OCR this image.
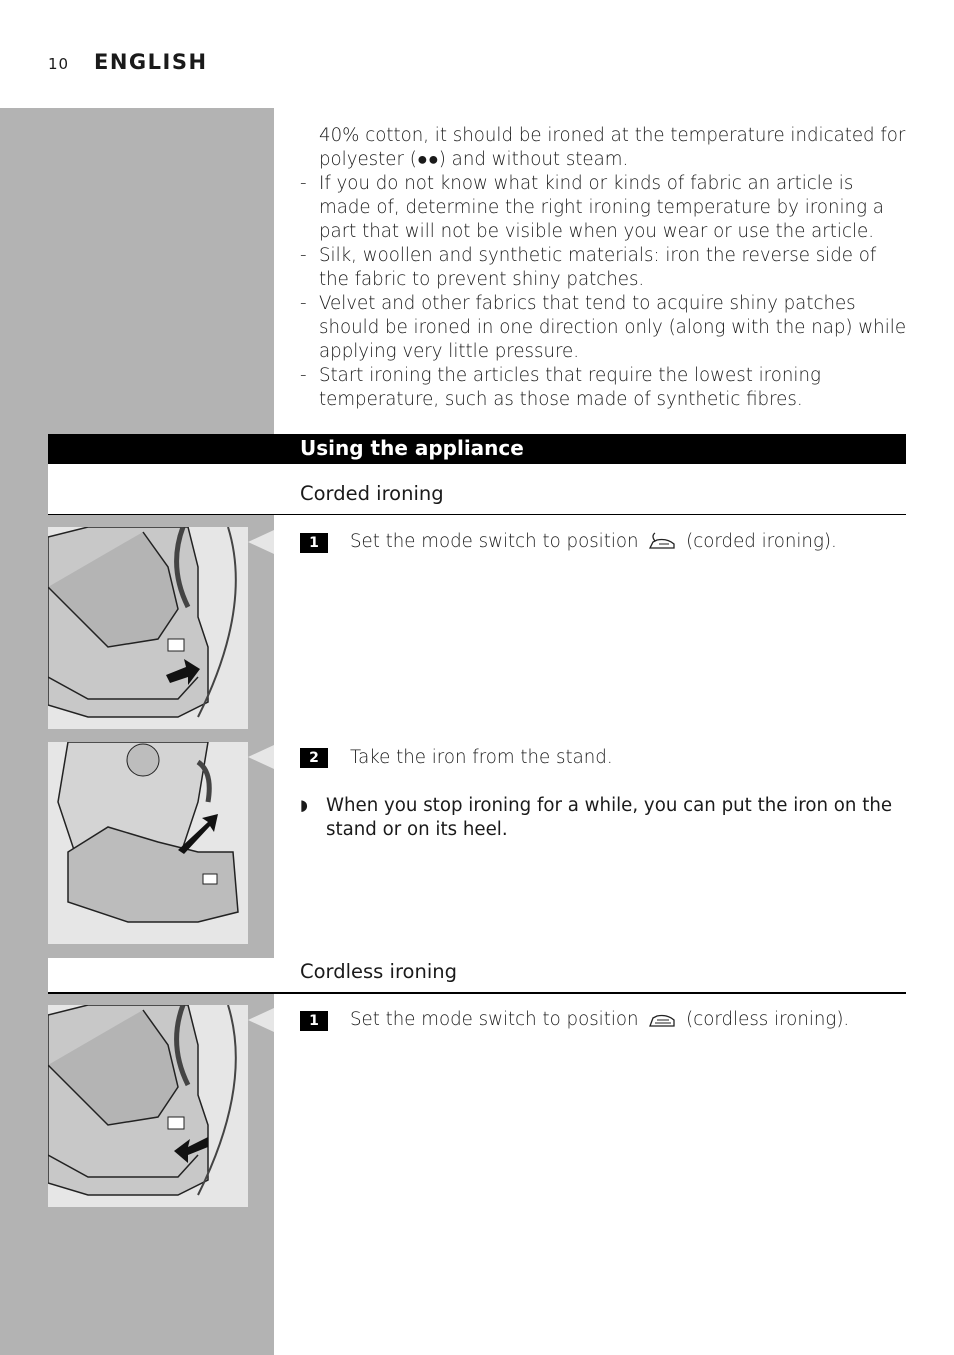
10 ENGLISH

40% cotton, it should be ironed at the temperature indicated for polyester (●●) and without steam.

- If you do not know what kind or kinds of fabric an article is made of, determine the right ironing temperature by ironing a part that will not be visible when you wear or use the article.

- Silk, woollen and synthetic materials: iron the reverse side of the fabric to prevent shiny patches.

- Velvet and other fabrics that tend to acquire shiny patches should be ironed in one direction only (along with the nap) while applying very little pressure.

- Start ironing the articles that require the lowest ironing temperature, such as those made of synthetic fibres.

Using the appliance
Corded ironing
1	Set the mode switch to position	(corded ironing).
2	Take the iron from the stand.
◗ When you stop ironing for a while, you can put the iron on the stand or on its heel.
Cordless ironing
1	Set the mode switch to position	(cordless ironing).
